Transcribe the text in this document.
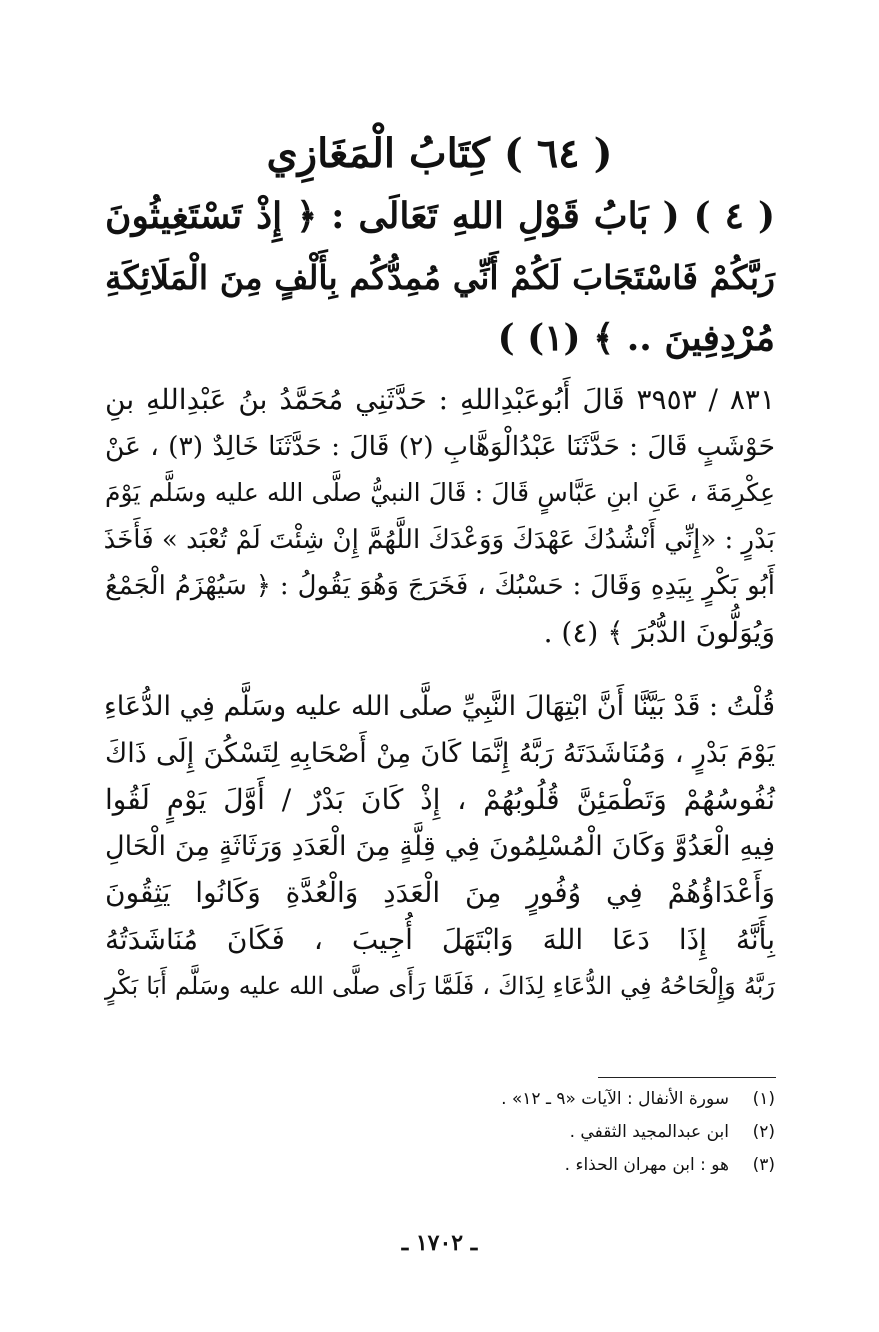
( ٦٤ ) كِتَابُ الْمَغَازِي
( ٤ ) ( بَابُ قَوْلِ اللهِ تَعَالَى : ﴿ إِذْ تَسْتَغِيثُونَ
رَبَّكُمْ فَاسْتَجَابَ لَكُمْ أَنِّي مُمِدُّكُم بِأَلْفٍ مِنَ الْمَلَائِكَةِ
مُرْدِفِينَ .. ﴾ (١) )
٨٣١ / ٣٩٥٣ قَالَ أَبُوعَبْدِاللهِ : حَدَّثَنِي مُحَمَّدُ بنُ عَبْدِاللهِ بنِ
حَوْشَبٍ قَالَ : حَدَّثَنَا عَبْدُالْوَهَّابِ (٢) قَالَ : حَدَّثَنَا خَالِدٌ (٣) ، عَنْ
عِكْرِمَةَ ، عَنِ ابنِ عَبَّاسٍ قَالَ : قَالَ النبيُّ صلَّى الله عليه وسَلَّم يَوْمَ
بَدْرٍ : «إِنِّي أَنْشُدُكَ عَهْدَكَ وَوَعْدَكَ اللَّهُمَّ إِنْ شِئْتَ لَمْ تُعْبَد » فَأَخَذَ
أَبُو بَكْرٍ بِيَدِهِ وَقَالَ : حَسْبُكَ ، فَخَرَجَ وَهُوَ يَقُولُ : ﴿ سَيُهْزَمُ الْجَمْعُ
وَيُوَلُّونَ الدُّبُرَ ﴾ (٤) .
قُلْتُ : قَدْ بَيَّنَّا أَنَّ ابْتِهَالَ النَّبِيِّ صلَّى الله عليه وسَلَّم فِي الدُّعَاءِ
يَوْمَ بَدْرٍ ، وَمُنَاشَدَتَهُ رَبَّهُ إِنَّمَا كَانَ مِنْ أَصْحَابِهِ لِتَسْكُنَ إِلَى ذَاكَ
نُفُوسُهُمْ وَتَطْمَئِنَّ قُلُوبُهُمْ ، إِذْ كَانَ بَدْرٌ / أَوَّلَ يَوْمٍ لَقُوا
فِيهِ الْعَدُوَّ وَكَانَ الْمُسْلِمُونَ فِي قِلَّةٍ مِنَ الْعَدَدِ وَرَثَاثَةٍ مِنَ الْحَالِ
وَأَعْدَاؤُهُمْ فِي وُفُورٍ مِنَ الْعَدَدِ وَالْعُدَّةِ وَكَانُوا يَثِقُونَ
بِأَنَّهُ إِذَا دَعَا اللهَ وَابْتَهَلَ أُجِيبَ ، فَكَانَ مُنَاشَدَتُهُ
رَبَّهُ وَإِلْحَاحُهُ فِي الدُّعَاءِ لِذَاكَ ، فَلَمَّا رَأَى صلَّى الله عليه وسَلَّم أَبَا بَكْرٍ
(١)
سورة الأنفال : الآيات «٩ ـ ١٢» .
(٢)
ابن عبدالمجيد الثقفي .
(٣)
هو : ابن مهران الحذاء .
ـ ١٧٠٢ ـ
